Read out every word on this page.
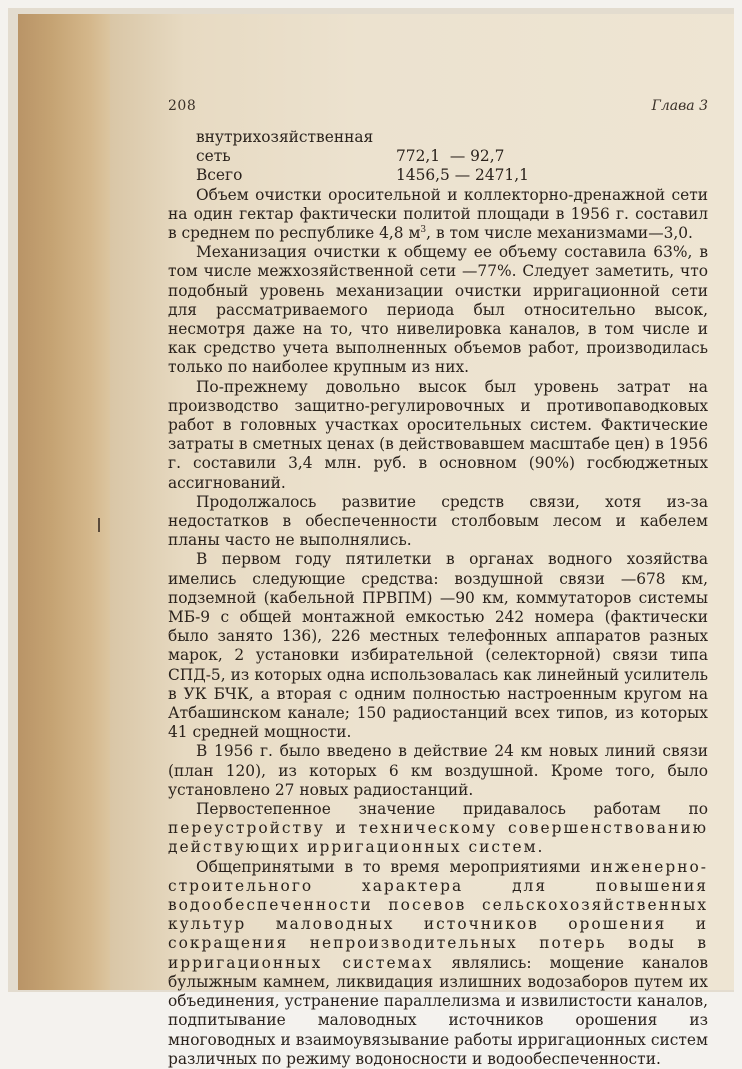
208	Глава 3
внутрихозяйственная
сеть	772,1  — 92,7
Всего	1456,5 — 2471,1

Объем очистки оросительной и коллекторно-дренажной сети на один гектар фактически политой площади в 1956 г. составил в среднем по республике 4,8 $м^3$, в том числе механизмами—3,0.

Механизация очистки к общему ее объему составила 63%, в том числе межхозяйственной сети —77%. Следует заметить, что подобный уровень механизации очистки ирригационной сети для рассматриваемого периода был относительно высок, несмотря даже на то, что нивелировка каналов, в том числе и как средство учета выполненных объемов работ, производилась только по наиболее крупным из них.

По-прежнему довольно высок был уровень затрат на производство защитно-регулировочных и противопаводковых работ в головных участках оросительных систем. Фактические затраты в сметных ценах (в действовавшем масштабе цен) в 1956 г. составили 3,4 млн. руб. в основном (90%) госбюджетных ассигнований.

Продолжалось развитие средств связи, хотя из-за недостатков в обеспеченности столбовым лесом и кабелем планы часто не выполнялись.

В первом году пятилетки в органах водного хозяйства имелись следующие средства: воздушной связи —678 км, подземной (кабельной ПРВПМ) —90 км, коммутаторов системы МБ-9 с общей монтажной емкостью 242 номера (фактически было занято 136), 226 местных телефонных аппаратов разных марок, 2 установки избирательной (селекторной) связи типа СПД-5, из которых одна использовалась как линейный усилитель в УК БЧК, а вторая с одним полностью настроенным кругом на Атбашинском канале; 150 радиостанций всех типов, из которых 41 средней мощности.

В 1956 г. было введено в действие 24 км новых линий связи (план 120), из которых 6 км воздушной. Кроме того, было установлено 27 новых радиостанций.

Первостепенное значение придавалось работам по переустройству и техническому совершенствованию действующих ирригационных систем.

Общепринятыми в то время мероприятиями инженерно-строительного характера для повышения водообеспеченности посевов сельскохозяйственных культур маловодных источников орошения и сокращения непроизводительных потерь воды в ирригационных системах являлись: мощение каналов булыжным камнем, ликвидация излишних водозаборов путем их объединения, устранение параллелизма и извилистости каналов, подпитывание маловодных источников орошения из многоводных и взаимоувязывание работы ирригационных систем различных по режиму водоносности и водообеспеченности.
